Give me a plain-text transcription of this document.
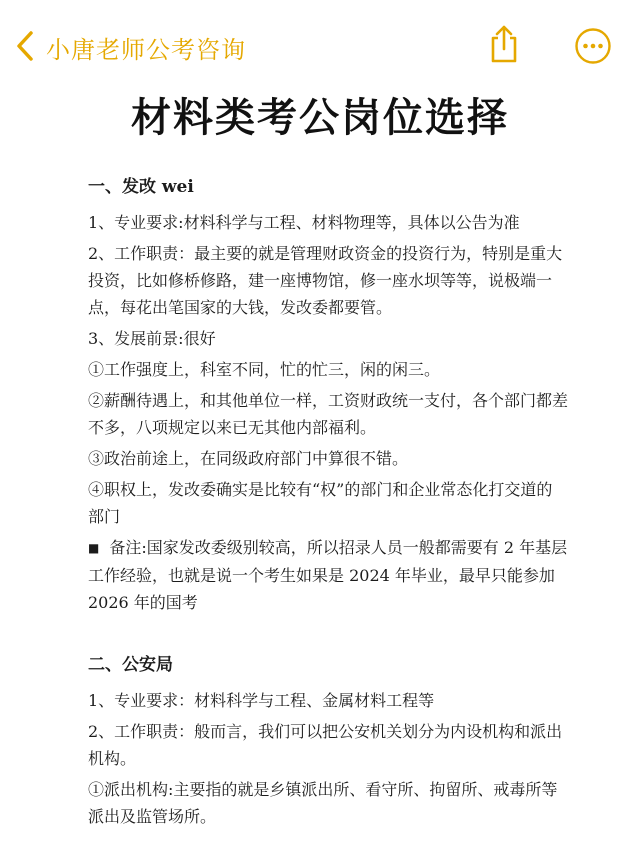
小唐老师公考咨询
材料类考公岗位选择

一、发改 wei

1、专业要求:材料科学与工程、材料物理等，具体以公告为准

2、工作职责：最主要的就是管理财政资金的投资行为，特别是重大投资，比如修桥修路，建一座博物馆，修一座水坝等等，说极端一点，每花出笔国家的大钱，发改委都要管。

3、发展前景:很好

①工作强度上，科室不同，忙的忙三，闲的闲三。

②薪酬待遇上，和其他单位一样，工资财政统一支付，各个部门都差不多，八项规定以来已无其他内部福利。

③政治前途上，在同级政府部门中算很不错。

④职权上，发改委确实是比较有“权”的部门和企业常态化打交道的部门

■ 备注:国家发改委级别较高，所以招录人员一般都需要有 2 年基层工作经验，也就是说一个考生如果是 2024 年毕业，最早只能参加 2026 年的国考

二、公安局

1、专业要求：材料科学与工程、金属材料工程等

2、工作职责：般而言，我们可以把公安机关划分为内设机构和派出机构。

①派出机构:主要指的就是乡镇派出所、看守所、拘留所、戒毒所等派出及监管场所。
